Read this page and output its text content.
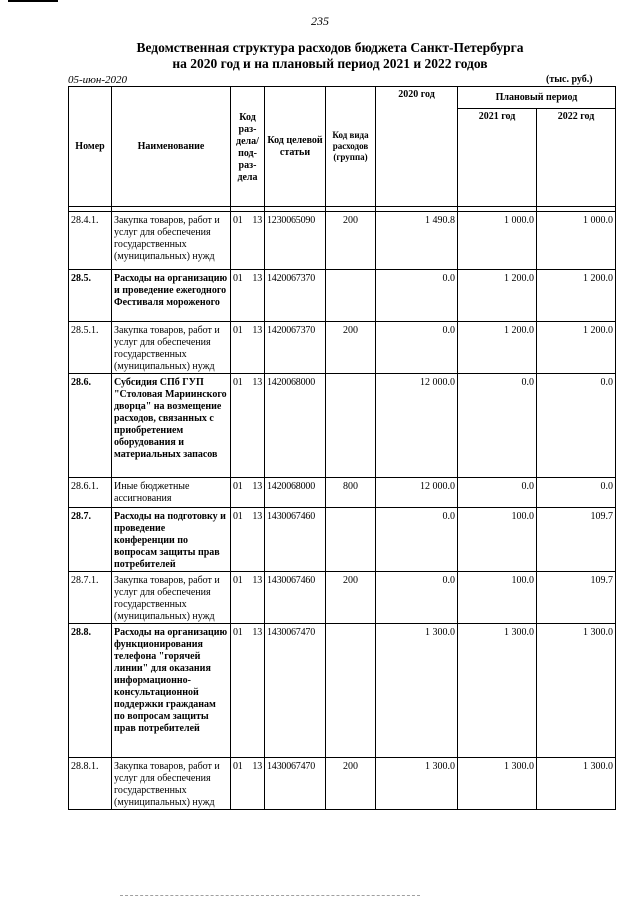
235
Ведомственная структура расходов бюджета Санкт-Петербурга
на 2020 год и на плановый период 2021 и 2022 годов
05-июн-2020	(тыс. руб.)
Номер	Наименование	Код раз- дела/ под- раз- дела	Код целевой статьи	Код вида расходов (группа)	2020 год	Плановый период	
						2021 год	2022 год

28.4.1.	Закупка товаров, работ и услуг для обеспечения государственных (муниципальных) нужд	01 13	1230065090	200	1 490.8	1 000.0	1 000.0
28.5.	Расходы на организацию и проведение ежегодного Фестиваля мороженого	01 13	1420067370		0.0	1 200.0	1 200.0
28.5.1.	Закупка товаров, работ и услуг для обеспечения государственных (муниципальных) нужд	01 13	1420067370	200	0.0	1 200.0	1 200.0
28.6.	Субсидия СПб ГУП "Столовая Мариинского дворца" на возмещение расходов, связанных с приобретением оборудования и материальных запасов	01 13	1420068000		12 000.0	0.0	0.0
28.6.1.	Иные бюджетные ассигнования	01 13	1420068000	800	12 000.0	0.0	0.0
28.7.	Расходы на подготовку и проведение конференции по вопросам защиты прав потребителей	01 13	1430067460		0.0	100.0	109.7
28.7.1.	Закупка товаров, работ и услуг для обеспечения государственных (муниципальных) нужд	01 13	1430067460	200	0.0	100.0	109.7
28.8.	Расходы на организацию функционирования телефона "горячей линии" для оказания информационно-консультационной поддержки гражданам по вопросам защиты прав потребителей	01 13	1430067470		1 300.0	1 300.0	1 300.0
28.8.1.	Закупка товаров, работ и услуг для обеспечения государственных (муниципальных) нужд	01 13	1430067470	200	1 300.0	1 300.0	1 300.0
